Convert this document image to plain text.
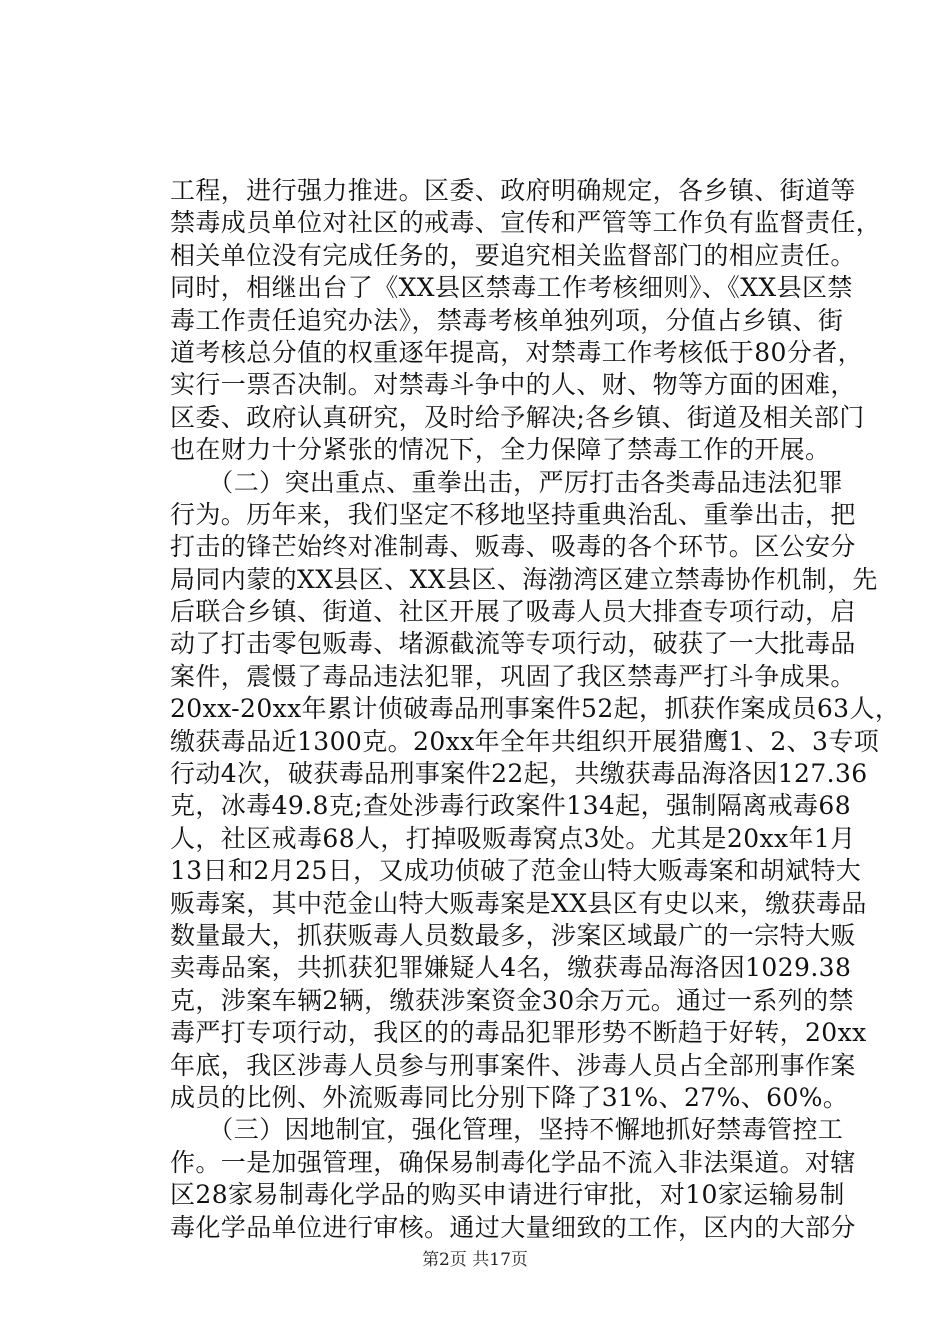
工程，进行强力推进。区委、政府明确规定，各乡镇、街道等
禁毒成员单位对社区的戒毒、宣传和严管等工作负有监督责任，
相关单位没有完成任务的，要追究相关监督部门的相应责任。
同时，相继出台了《XX县区禁毒工作考核细则》、《XX县区禁
毒工作责任追究办法》，禁毒考核单独列项，分值占乡镇、街
道考核总分值的权重逐年提高，对禁毒工作考核低于80分者，
实行一票否决制。对禁毒斗争中的人、财、物等方面的困难，
区委、政府认真研究，及时给予解决;各乡镇、街道及相关部门
也在财力十分紧张的情况下，全力保障了禁毒工作的开展。
　　（二）突出重点、重拳出击，严厉打击各类毒品违法犯罪
行为。历年来，我们坚定不移地坚持重典治乱、重拳出击，把
打击的锋芒始终对准制毒、贩毒、吸毒的各个环节。区公安分
局同内蒙的XX县区、XX县区、海渤湾区建立禁毒协作机制，先
后联合乡镇、街道、社区开展了吸毒人员大排查专项行动，启
动了打击零包贩毒、堵源截流等专项行动，破获了一大批毒品
案件，震慑了毒品违法犯罪，巩固了我区禁毒严打斗争成果。
20xx-20xx年累计侦破毒品刑事案件52起，抓获作案成员63人，
缴获毒品近1300克。20xx年全年共组织开展猎鹰1、2、3专项
行动4次，破获毒品刑事案件22起，共缴获毒品海洛因127.36
克，冰毒49.8克;查处涉毒行政案件134起，强制隔离戒毒68
人，社区戒毒68人，打掉吸贩毒窝点3处。尤其是20xx年1月
13日和2月25日，又成功侦破了范金山特大贩毒案和胡斌特大
贩毒案，其中范金山特大贩毒案是XX县区有史以来，缴获毒品
数量最大，抓获贩毒人员数最多，涉案区域最广的一宗特大贩
卖毒品案，共抓获犯罪嫌疑人4名，缴获毒品海洛因1029.38
克，涉案车辆2辆，缴获涉案资金30余万元。通过一系列的禁
毒严打专项行动，我区的的毒品犯罪形势不断趋于好转，20xx
年底，我区涉毒人员参与刑事案件、涉毒人员占全部刑事作案
成员的比例、外流贩毒同比分别下降了31%、27%、60%。
　　（三）因地制宜，强化管理，坚持不懈地抓好禁毒管控工
作。一是加强管理，确保易制毒化学品不流入非法渠道。对辖
区28家易制毒化学品的购买申请进行审批，对10家运输易制
毒化学品单位进行审核。通过大量细致的工作，区内的大部分
第2页 共17页
